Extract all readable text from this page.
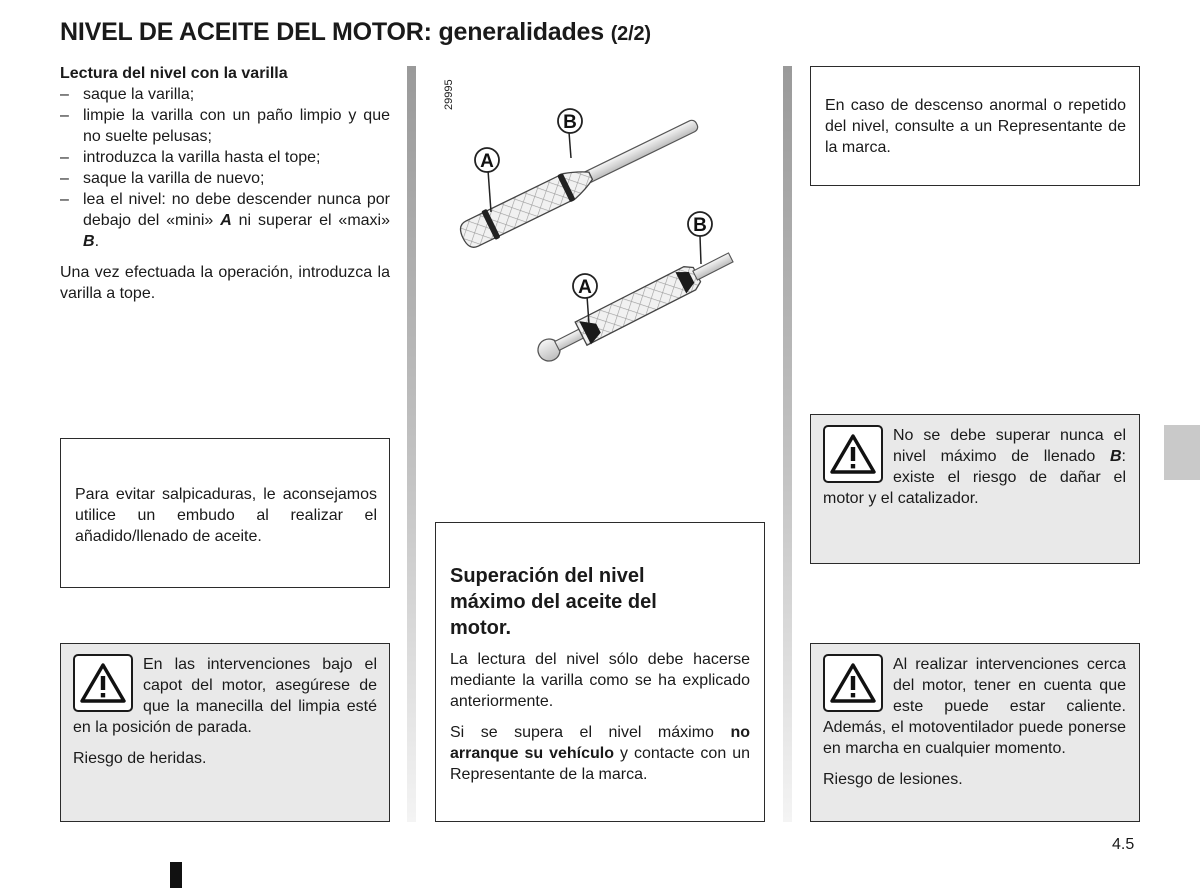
NIVEL DE ACEITE DEL MOTOR: generalidades (2/2)
Lectura del nivel con la varilla
– saque la varilla;
– limpie la varilla con un paño limpio y que no suelte pelusas;
– introduzca la varilla hasta el tope;
– saque la varilla de nuevo;
– lea el nivel: no debe descender nunca por debajo del «mini» A ni superar el «maxi» B.

Una vez efectuada la operación, introduzca la varilla a tope.

Para evitar salpicaduras, le aconsejamos utilice un embudo al realizar el añadido/llenado de aceite.

En las intervenciones bajo el capot del motor, asegúrese de que la manecilla del limpia esté en la posición de parada.

Riesgo de heridas.

29995
A
B
A
B
Superación del nivel máximo del aceite del motor.

La lectura del nivel sólo debe hacerse mediante la varilla como se ha explicado anteriormente.

Si se supera el nivel máximo no arranque su vehículo y contacte con un Representante de la marca.

En caso de descenso anormal o repetido del nivel, consulte a un Representante de la marca.

No se debe superar nunca el nivel máximo de llenado B: existe el riesgo de dañar el motor y el catalizador.

Al realizar intervenciones cerca del motor, tener en cuenta que este puede estar caliente. Además, el motoventilador puede ponerse en marcha en cualquier momento.

Riesgo de lesiones.

4.5
